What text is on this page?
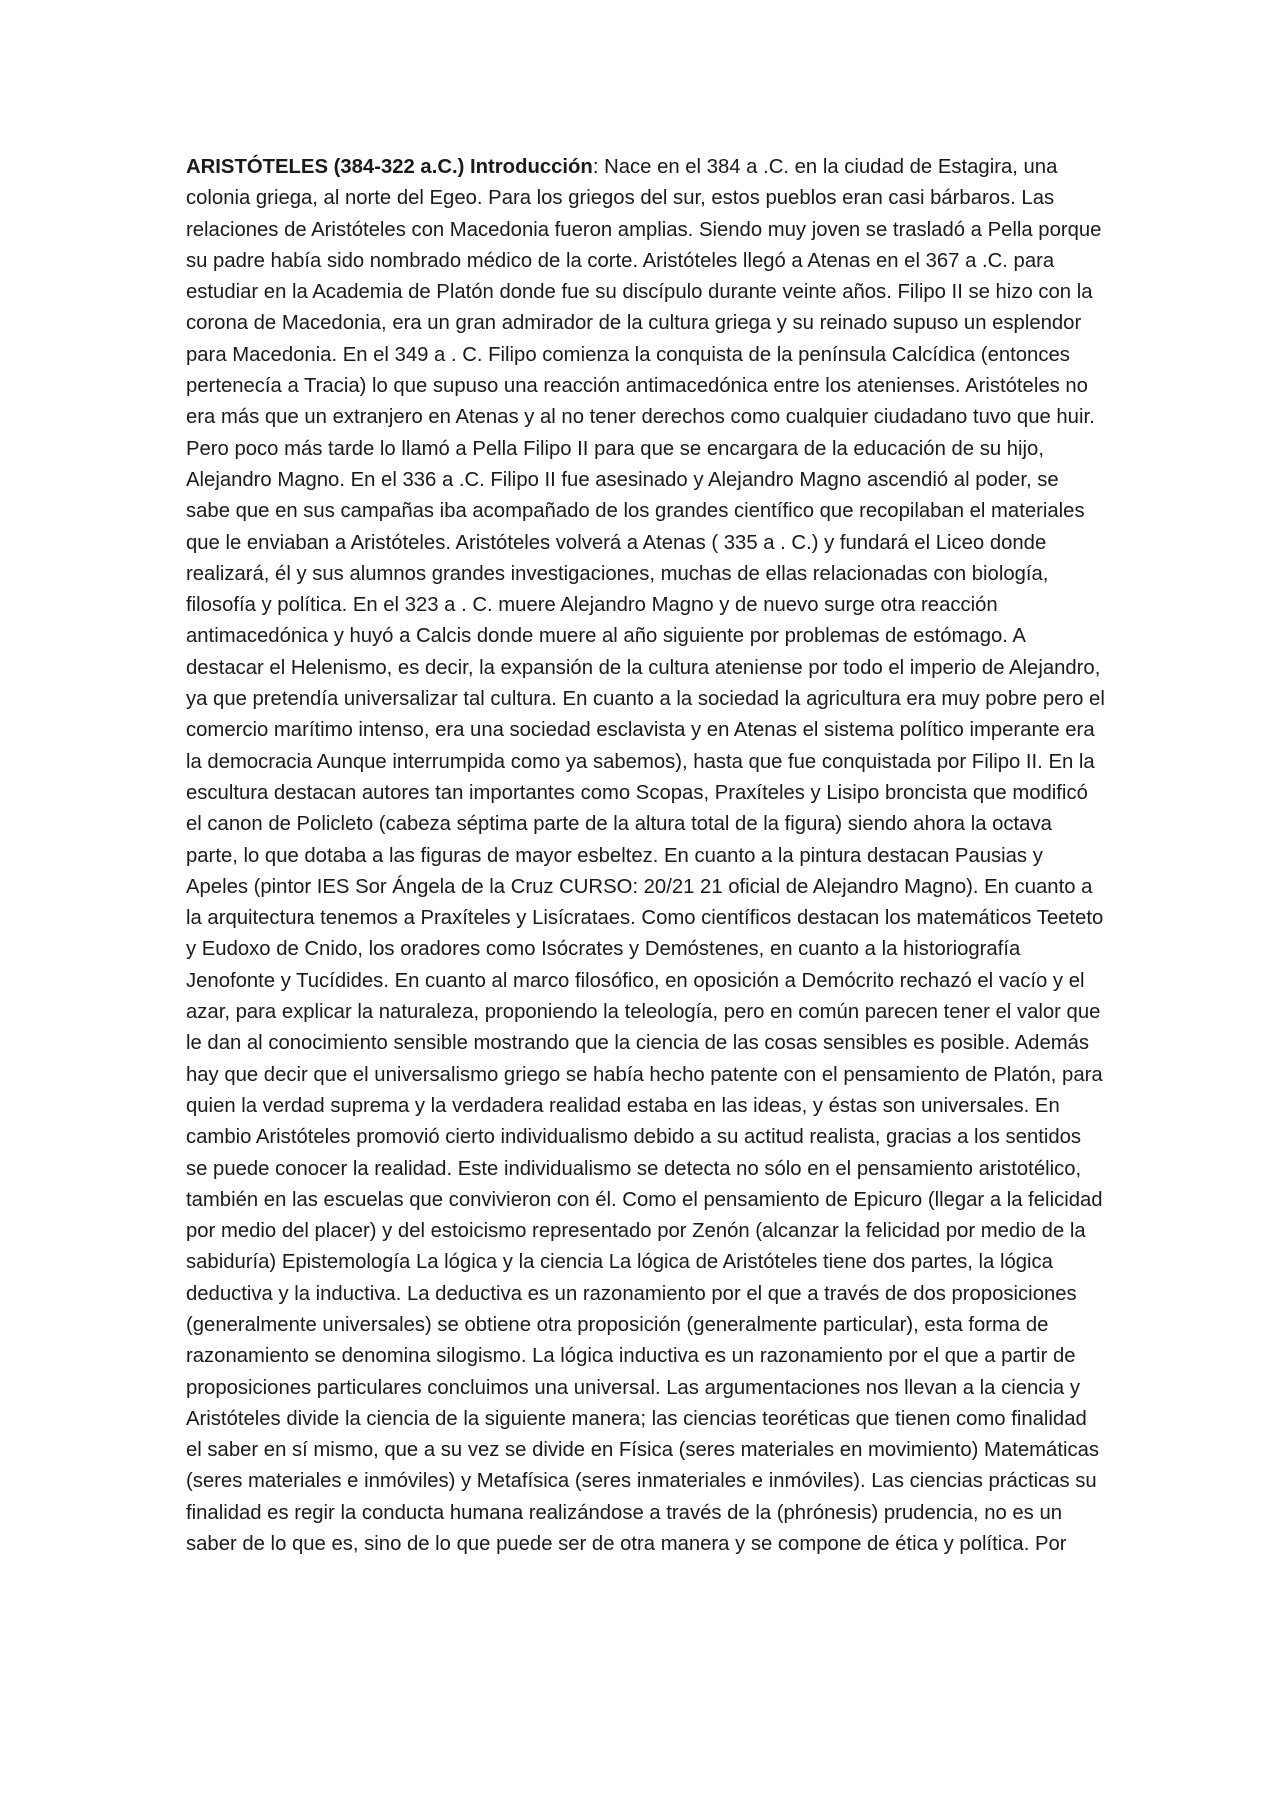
ARISTÓTELES (384-322 a.C.) Introducción: Nace en el 384 a .C. en la ciudad de Estagira, una colonia griega, al norte del Egeo. Para los griegos del sur, estos pueblos eran casi bárbaros. Las relaciones de Aristóteles con Macedonia fueron amplias. Siendo muy joven se trasladó a Pella porque su padre había sido nombrado médico de la corte. Aristóteles llegó a Atenas en el 367 a .C. para estudiar en la Academia de Platón donde fue su discípulo durante veinte años. Filipo II se hizo con la corona de Macedonia, era un gran admirador de la cultura griega y su reinado supuso un esplendor para Macedonia. En el 349 a . C. Filipo comienza la conquista de la península Calcídica (entonces pertenecía a Tracia) lo que supuso una reacción antimacedónica entre los atenienses. Aristóteles no era más que un extranjero en Atenas y al no tener derechos como cualquier ciudadano tuvo que huir. Pero poco más tarde lo llamó a Pella Filipo II para que se encargara de la educación de su hijo, Alejandro Magno. En el 336 a .C. Filipo II fue asesinado y Alejandro Magno ascendió al poder, se sabe que en sus campañas iba acompañado de los grandes científico que recopilaban el materiales que le enviaban a Aristóteles. Aristóteles volverá a Atenas ( 335 a . C.) y fundará el Liceo donde realizará, él y sus alumnos grandes investigaciones, muchas de ellas relacionadas con biología, filosofía y política. En el 323 a . C. muere Alejandro Magno y de nuevo surge otra reacción antimacedónica y huyó a Calcis donde muere al año siguiente por problemas de estómago. A destacar el Helenismo, es decir, la expansión de la cultura ateniense por todo el imperio de Alejandro, ya que pretendía universalizar tal cultura. En cuanto a la sociedad la agricultura era muy pobre pero el comercio marítimo intenso, era una sociedad esclavista y en Atenas el sistema político imperante era la democracia Aunque interrumpida como ya sabemos), hasta que fue conquistada por Filipo II. En la escultura destacan autores tan importantes como Scopas, Praxíteles y Lisipo broncista que modificó el canon de Policleto (cabeza séptima parte de la altura total de la figura) siendo ahora la octava parte, lo que dotaba a las figuras de mayor esbeltez. En cuanto a la pintura destacan Pausias y Apeles (pintor IES Sor Ángela de la Cruz CURSO: 20/21 21 oficial de Alejandro Magno). En cuanto a la arquitectura tenemos a Praxíteles y Lisícrataes. Como científicos destacan los matemáticos Teeteto y Eudoxo de Cnido, los oradores como Isócrates y Demóstenes, en cuanto a la historiografía Jenofonte y Tucídides. En cuanto al marco filosófico, en oposición a Demócrito rechazó el vacío y el azar, para explicar la naturaleza, proponiendo la teleología, pero en común parecen tener el valor que le dan al conocimiento sensible mostrando que la ciencia de las cosas sensibles es posible. Además hay que decir que el universalismo griego se había hecho patente con el pensamiento de Platón, para quien la verdad suprema y la verdadera realidad estaba en las ideas, y éstas son universales. En cambio Aristóteles promovió cierto individualismo debido a su actitud realista, gracias a los sentidos se puede conocer la realidad. Este individualismo se detecta no sólo en el pensamiento aristotélico, también en las escuelas que convivieron con él. Como el pensamiento de Epicuro (llegar a la felicidad por medio del placer) y del estoicismo representado por Zenón (alcanzar la felicidad por medio de la sabiduría) Epistemología La lógica y la ciencia La lógica de Aristóteles tiene dos partes, la lógica deductiva y la inductiva. La deductiva es un razonamiento por el que a través de dos proposiciones (generalmente universales) se obtiene otra proposición (generalmente particular), esta forma de razonamiento se denomina silogismo. La lógica inductiva es un razonamiento por el que a partir de proposiciones particulares concluimos una universal. Las argumentaciones nos llevan a la ciencia y Aristóteles divide la ciencia de la siguiente manera; las ciencias teoréticas que tienen como finalidad el saber en sí mismo, que a su vez se divide en Física (seres materiales en movimiento) Matemáticas (seres materiales e inmóviles) y Metafísica (seres inmateriales e inmóviles). Las ciencias prácticas su finalidad es regir la conducta humana realizándose a través de la (phrónesis) prudencia, no es un saber de lo que es, sino de lo que puede ser de otra manera y se compone de ética y política. Por
